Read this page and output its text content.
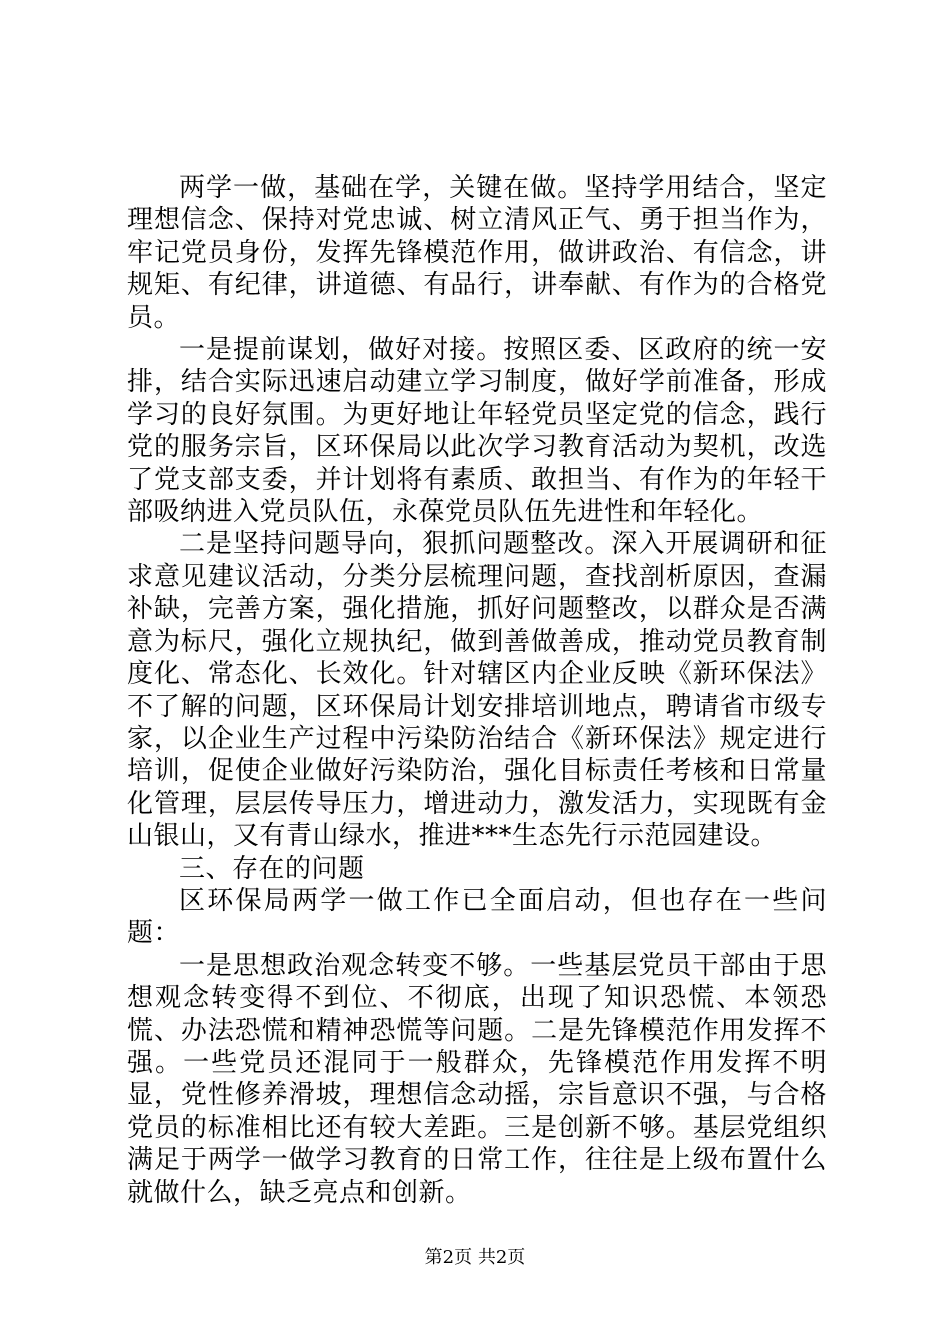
两学一做，基础在学，关键在做。坚持学用结合，坚定理想信念、保持对党忠诚、树立清风正气、勇于担当作为，牢记党员身份，发挥先锋模范作用，做讲政治、有信念，讲规矩、有纪律，讲道德、有品行，讲奉献、有作为的合格党员。

一是提前谋划，做好对接。按照区委、区政府的统一安排，结合实际迅速启动建立学习制度，做好学前准备，形成学习的良好氛围。为更好地让年轻党员坚定党的信念，践行党的服务宗旨，区环保局以此次学习教育活动为契机，改选了党支部支委，并计划将有素质、敢担当、有作为的年轻干部吸纳进入党员队伍，永葆党员队伍先进性和年轻化。

二是坚持问题导向，狠抓问题整改。深入开展调研和征求意见建议活动，分类分层梳理问题，查找剖析原因，查漏补缺，完善方案，强化措施，抓好问题整改，以群众是否满意为标尺，强化立规执纪，做到善做善成，推动党员教育制度化、常态化、长效化。针对辖区内企业反映《新环保法》不了解的问题，区环保局计划安排培训地点，聘请省市级专家，以企业生产过程中污染防治结合《新环保法》规定进行培训，促使企业做好污染防治，强化目标责任考核和日常量化管理，层层传导压力，增进动力，激发活力，实现既有金山银山，又有青山绿水，推进***生态先行示范园建设。

三、存在的问题

区环保局两学一做工作已全面启动，但也存在一些问题：

一是思想政治观念转变不够。一些基层党员干部由于思想观念转变得不到位、不彻底，出现了知识恐慌、本领恐慌、办法恐慌和精神恐慌等问题。二是先锋模范作用发挥不强。一些党员还混同于一般群众，先锋模范作用发挥不明显，党性修养滑坡，理想信念动摇，宗旨意识不强，与合格党员的标准相比还有较大差距。三是创新不够。基层党组织满足于两学一做学习教育的日常工作，往往是上级布置什么就做什么，缺乏亮点和创新。

第2页 共2页
